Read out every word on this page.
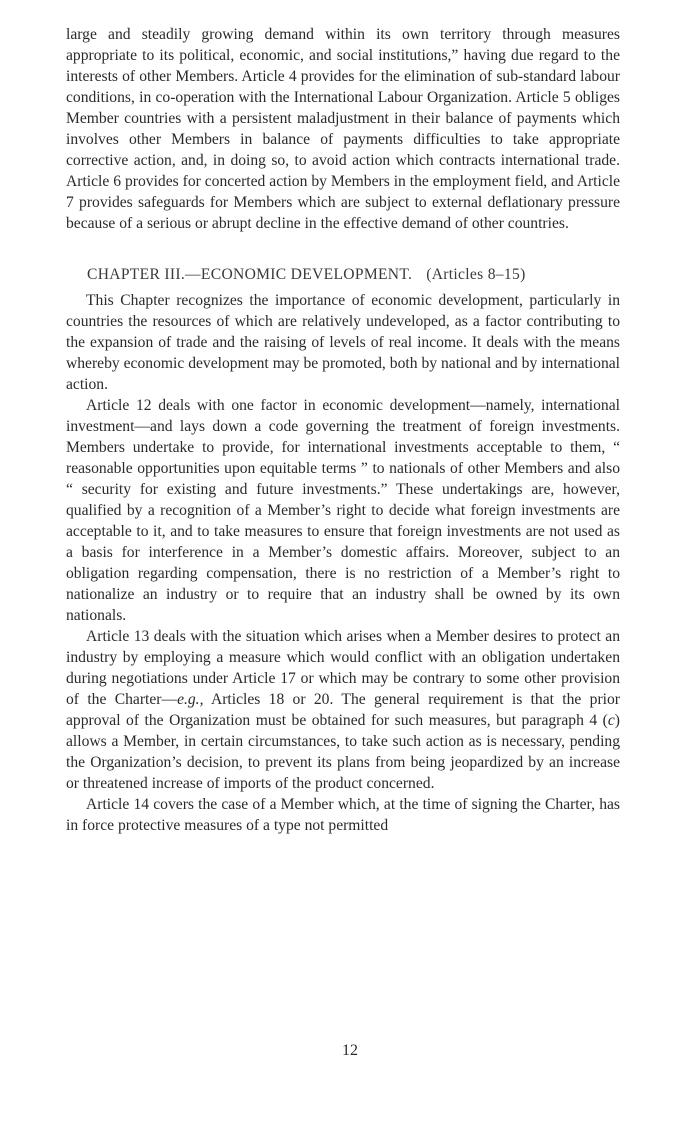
large and steadily growing demand within its own territory through measures appropriate to its political, economic, and social institutions,” having due regard to the interests of other Members. Article 4 provides for the elimination of sub-standard labour conditions, in co-operation with the International Labour Organization. Article 5 obliges Member countries with a persistent maladjustment in their balance of payments which involves other Members in balance of payments difficulties to take appropriate corrective action, and, in doing so, to avoid action which contracts international trade. Article 6 provides for concerted action by Members in the employment field, and Article 7 provides safeguards for Members which are subject to external deflationary pressure because of a serious or abrupt decline in the effective demand of other countries.

CHAPTER III.—ECONOMIC DEVELOPMENT. (Articles 8–15)

This Chapter recognizes the importance of economic development, particularly in countries the resources of which are relatively undeveloped, as a factor contributing to the expansion of trade and the raising of levels of real income. It deals with the means whereby economic development may be promoted, both by national and by international action.

Article 12 deals with one factor in economic development—namely, international investment—and lays down a code governing the treatment of foreign investments. Members undertake to provide, for international investments acceptable to them, “ reasonable opportunities upon equitable terms ” to nationals of other Members and also “ security for existing and future investments.” These undertakings are, however, qualified by a recognition of a Member’s right to decide what foreign investments are acceptable to it, and to take measures to ensure that foreign investments are not used as a basis for interference in a Member’s domestic affairs. Moreover, subject to an obligation regarding compensation, there is no restriction of a Member’s right to nationalize an industry or to require that an industry shall be owned by its own nationals.

Article 13 deals with the situation which arises when a Member desires to protect an industry by employing a measure which would conflict with an obligation undertaken during negotiations under Article 17 or which may be contrary to some other provision of the Charter—e.g., Articles 18 or 20. The general requirement is that the prior approval of the Organization must be obtained for such measures, but paragraph 4 (c) allows a Member, in certain circumstances, to take such action as is necessary, pending the Organization’s decision, to prevent its plans from being jeopardized by an increase or threatened increase of imports of the product concerned.

Article 14 covers the case of a Member which, at the time of signing the Charter, has in force protective measures of a type not permitted

12
